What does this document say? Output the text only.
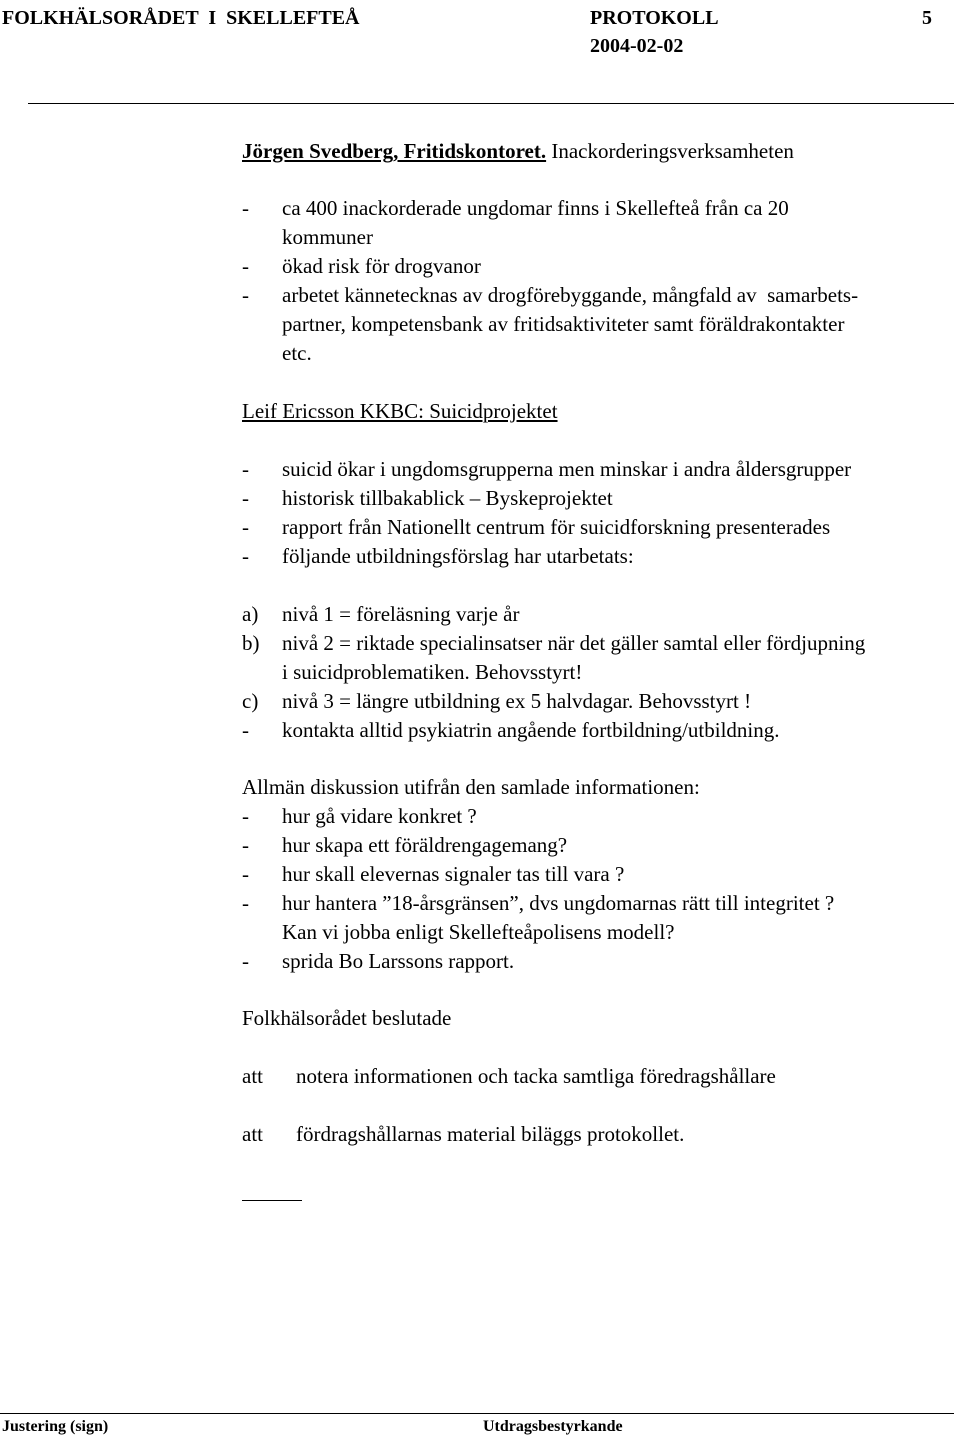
FOLKHÄLSORÅDET  I  SKELLEFTEÅ	PROTOKOLL
2004-02-02
5
Jörgen Svedberg, Fritidskontoret. Inackorderingsverksamheten
- ca 400 inackorderade ungdomar finns i Skellefteå från ca 20
kommuner
- ökad risk för drogvanor
- arbetet kännetecknas av drogförebyggande, mångfald av  samarbets-
partner, kompetensbank av fritidsaktiviteter samt föräldrakontakter
etc.
Leif Ericsson KKBC: Suicidprojektet
- suicid ökar i ungdomsgrupperna men minskar i andra åldersgrupper
- historisk tillbakablick – Byskeprojektet
- rapport från Nationellt centrum för suicidforskning presenterades
- följande utbildningsförslag har utarbetats:
a) nivå 1 = föreläsning varje år
b) nivå 2 = riktade specialinsatser när det gäller samtal eller fördjupning
i suicidproblematiken. Behovsstyrt!
c) nivå 3 = längre utbildning ex 5 halvdagar. Behovsstyrt !
- kontakta alltid psykiatrin angående fortbildning/utbildning.
Allmän diskussion utifrån den samlade informationen:
- hur gå vidare konkret ?
- hur skapa ett föräldrengagemang?
- hur skall elevernas signaler tas till vara ?
- hur hantera ”18-årsgränsen”, dvs ungdomarnas rätt till integritet ?
Kan vi jobba enligt Skellefteåpolisens modell?
- sprida Bo Larssons rapport.
Folkhälsorådet beslutade
att notera informationen och tacka samtliga föredragshållare
att fördragshållarnas material biläggs protokollet.
Justering (sign)	Utdragsbestyrkande
